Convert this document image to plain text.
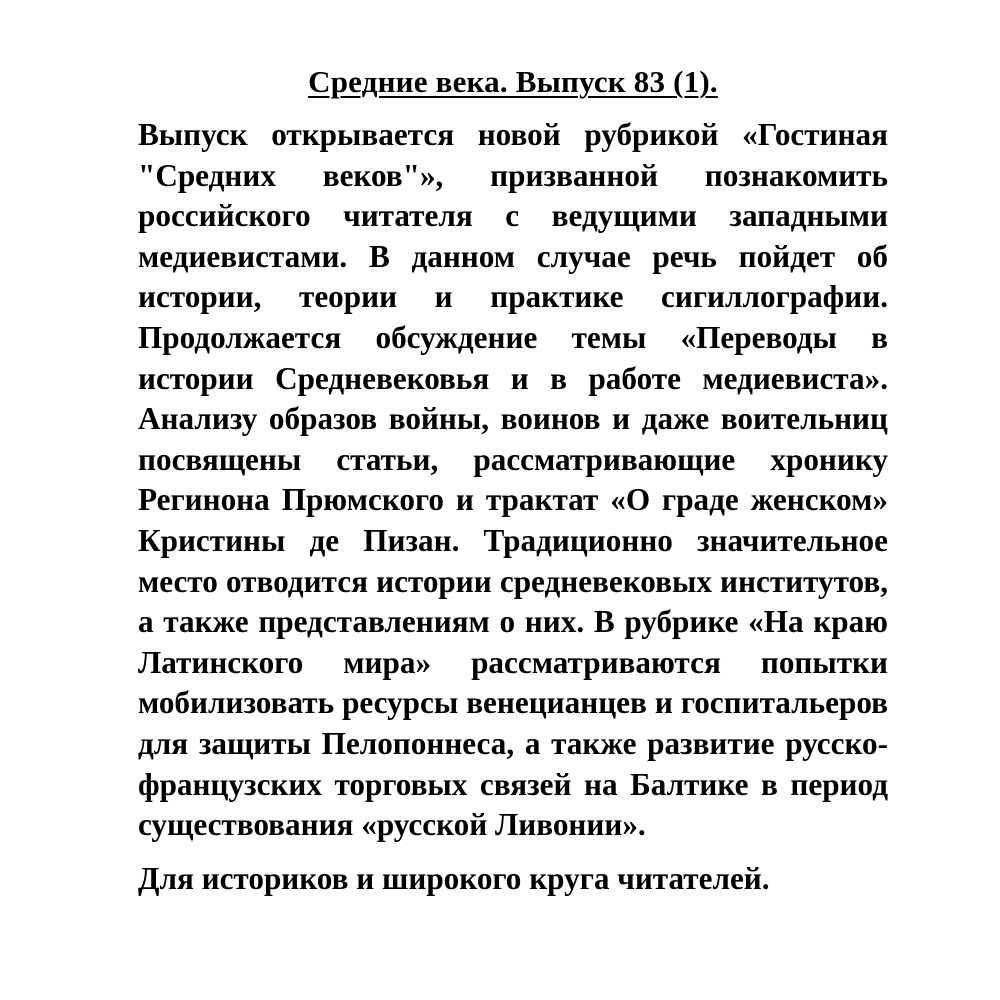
Средние века. Выпуск 83 (1).

Выпуск открывается новой рубрикой «Гостиная "Средних веков"», призванной познакомить российского читателя с ведущими западными медиевистами. В данном случае речь пойдет об истории, теории и практике сигиллографии. Продолжается обсуждение темы «Переводы в истории Средневековья и в работе медиевиста». Анализу образов войны, воинов и даже воительниц посвящены статьи, рассматривающие хронику Регинона Прюмского и трактат «О граде женском» Кристины де Пизан. Традиционно значительное место отводится истории средневековых институтов, а также представлениям о них. В рубрике «На краю Латинского мира» рассматриваются попытки мобилизовать ресурсы венецианцев и госпитальеров для защиты Пелопоннеса, а также развитие русско-французских торговых связей на Балтике в период существования «русской Ливонии».

Для историков и широкого круга читателей.
